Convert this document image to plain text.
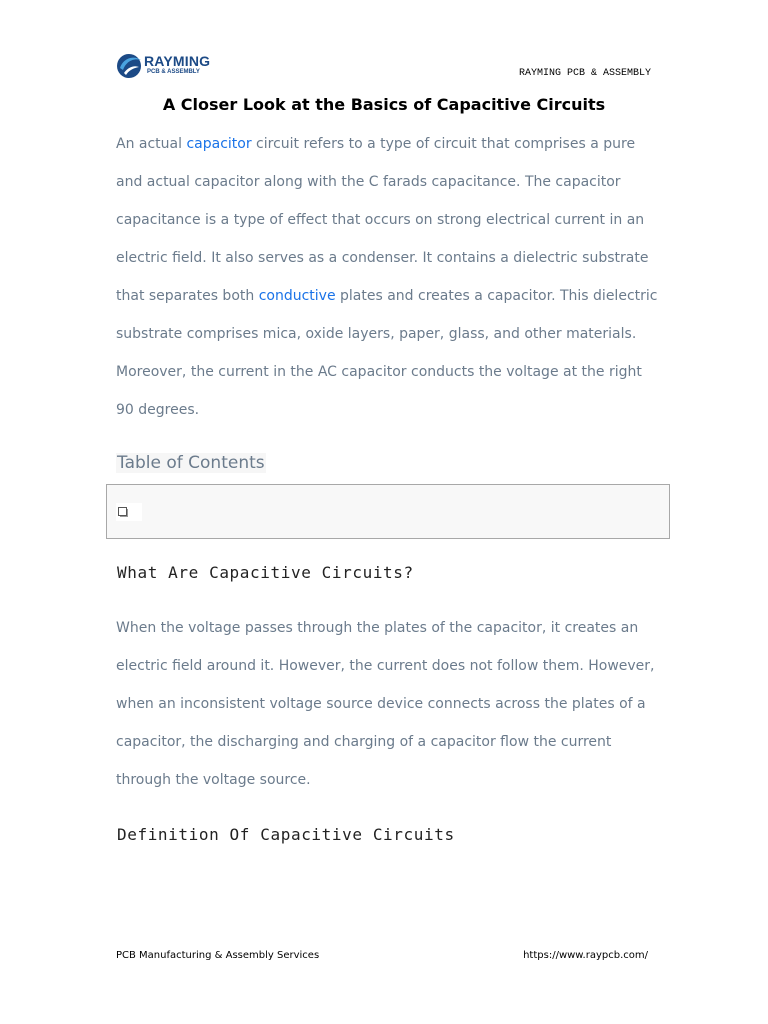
RAYMING
PCB & ASSEMBLY	RAYMING PCB & ASSEMBLY
A Closer Look at the Basics of Capacitive Circuits

An actual capacitor circuit refers to a type of circuit that comprises a pure and actual capacitor along with the C farads capacitance. The capacitor capacitance is a type of effect that occurs on strong electrical current in an electric field. It also serves as a condenser. It contains a dielectric substrate that separates both conductive plates and creates a capacitor. This dielectric substrate comprises mica, oxide layers, paper, glass, and other materials. Moreover, the current in the AC capacitor conducts the voltage at the right 90 degrees.

Table of Contents
What Are Capacitive Circuits?

When the voltage passes through the plates of the capacitor, it creates an electric field around it. However, the current does not follow them. However, when an inconsistent voltage source device connects across the plates of a capacitor, the discharging and charging of a capacitor flow the current through the voltage source.

Definition Of Capacitive Circuits
PCB Manufacturing & Assembly Services	https://www.raypcb.com/
